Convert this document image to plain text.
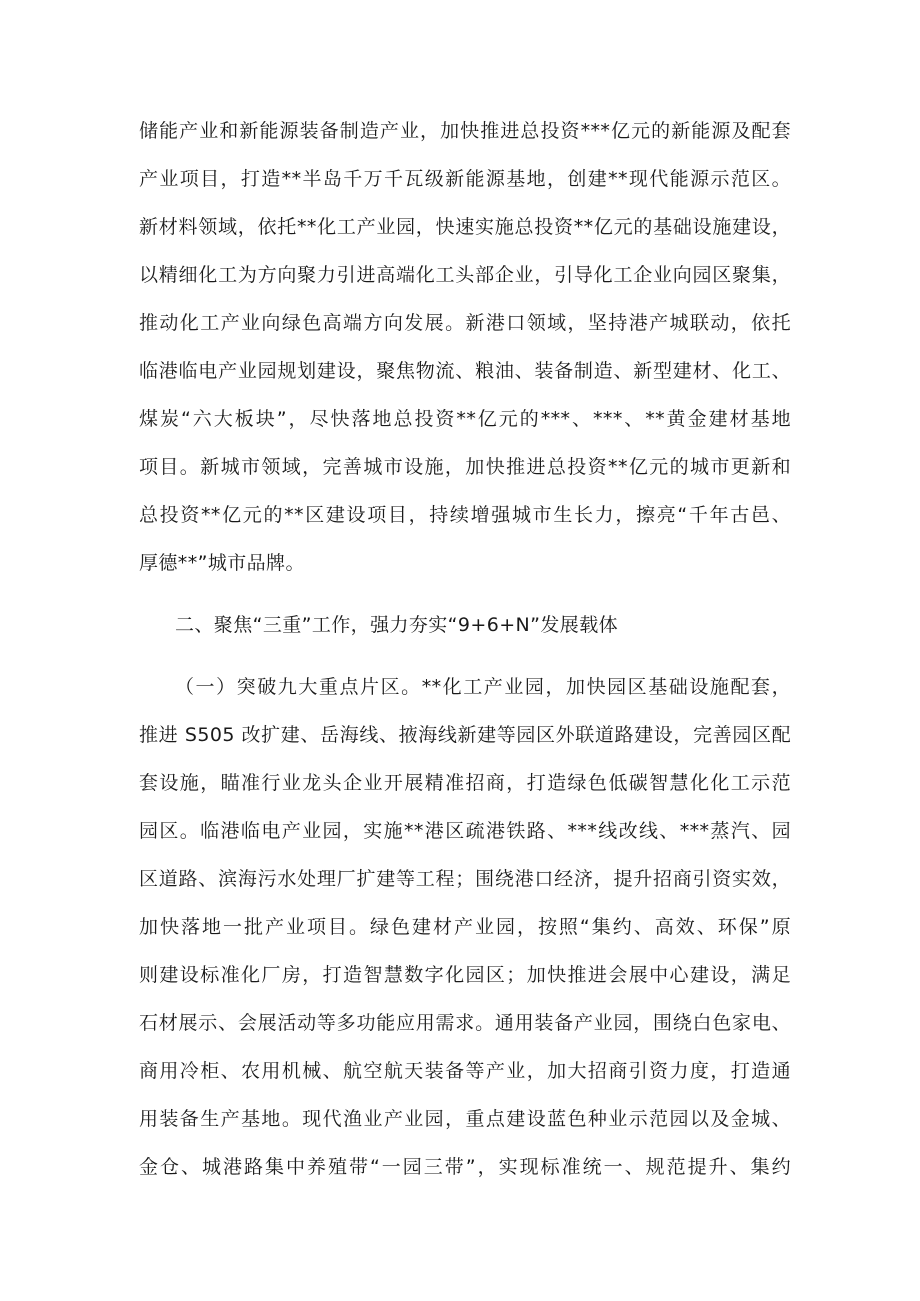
储能产业和新能源装备制造产业，加快推进总投资***亿元的新能源及配套
产业项目，打造**半岛千万千瓦级新能源基地，创建**现代能源示范区。
新材料领域，依托**化工产业园，快速实施总投资**亿元的基础设施建设，
以精细化工为方向聚力引进高端化工头部企业，引导化工企业向园区聚集，
推动化工产业向绿色高端方向发展。新港口领域，坚持港产城联动，依托
临港临电产业园规划建设，聚焦物流、粮油、装备制造、新型建材、化工、
煤炭“六大板块”，尽快落地总投资**亿元的***、***、**黄金建材基地
项目。新城市领域，完善城市设施，加快推进总投资**亿元的城市更新和
总投资**亿元的**区建设项目，持续增强城市生长力，擦亮“千年古邑、
厚德**”城市品牌。
二、聚焦“三重”工作，强力夯实“9+6+N”发展载体
（一）突破九大重点片区。**化工产业园，加快园区基础设施配套，
推进 S505 改扩建、岳海线、掖海线新建等园区外联道路建设，完善园区配
套设施，瞄准行业龙头企业开展精准招商，打造绿色低碳智慧化化工示范
园区。临港临电产业园，实施**港区疏港铁路、***线改线、***蒸汽、园
区道路、滨海污水处理厂扩建等工程；围绕港口经济，提升招商引资实效，
加快落地一批产业项目。绿色建材产业园，按照“集约、高效、环保”原
则建设标准化厂房，打造智慧数字化园区；加快推进会展中心建设，满足
石材展示、会展活动等多功能应用需求。通用装备产业园，围绕白色家电、
商用冷柜、农用机械、航空航天装备等产业，加大招商引资力度，打造通
用装备生产基地。现代渔业产业园，重点建设蓝色种业示范园以及金城、
金仓、城港路集中养殖带“一园三带”，实现标准统一、规范提升、集约
